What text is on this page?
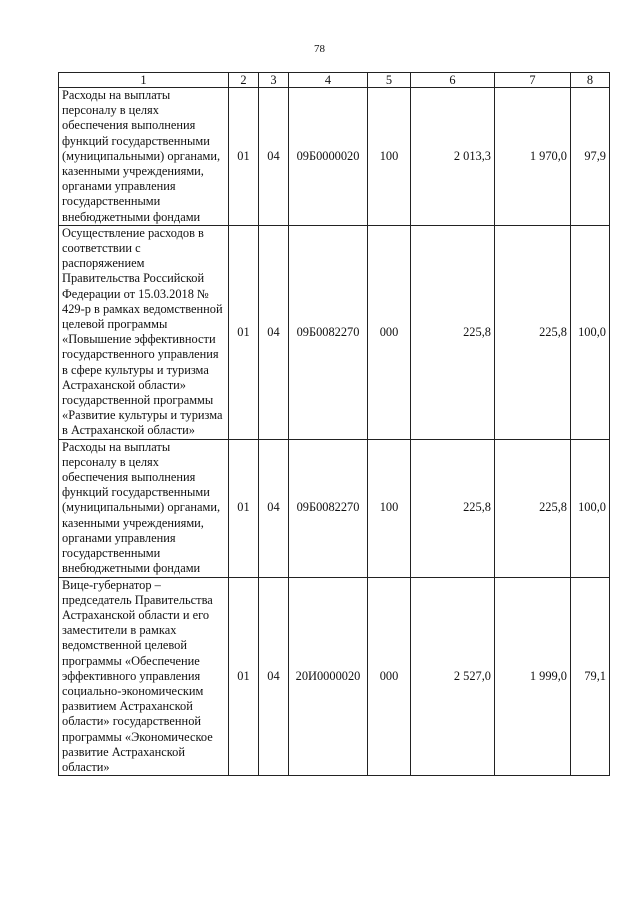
78
1	2	3	4	5	6	7	8
Расходы на выплаты персоналу в целях обеспечения выполнения функций государственными (муниципальными) органами, казенными учреждениями, органами управления государственными внебюджетными фондами	01	04	09Б0000020	100	2 013,3	1 970,0	97,9
Осуществление расходов в соответствии с распоряжением Правительства Российской Федерации от 15.03.2018 № 429-р в рамках ведомственной целевой программы «Повышение эффективности государственного управления в сфере культуры и туризма Астраханской области» государственной программы «Развитие культуры и туризма в Астраханской области»	01	04	09Б0082270	000	225,8	225,8	100,0
Расходы на выплаты персоналу в целях обеспечения выполнения функций государственными (муниципальными) органами, казенными учреждениями, органами управления государственными внебюджетными фондами	01	04	09Б0082270	100	225,8	225,8	100,0
Вице-губернатор – председатель Правительства Астраханской области и его заместители в рамках ведомственной целевой программы «Обеспечение эффективного управления социально-экономическим развитием Астраханской области» государственной программы «Экономическое развитие Астраханской области»	01	04	20И0000020	000	2 527,0	1 999,0	79,1
